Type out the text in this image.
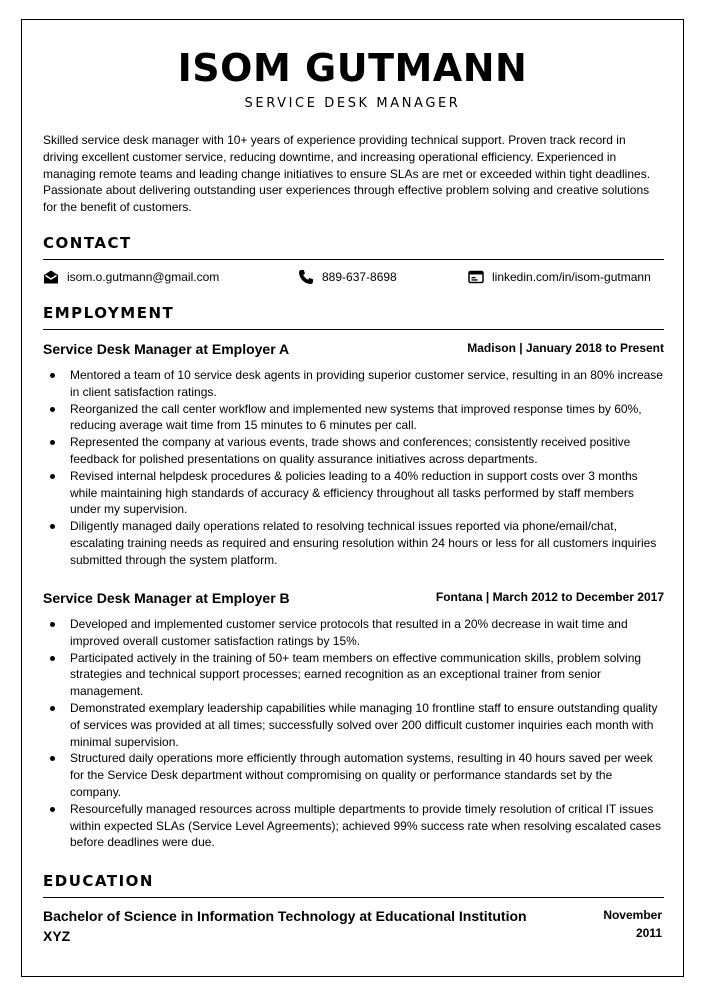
ISOM GUTMANN
SERVICE DESK MANAGER
Skilled service desk manager with 10+ years of experience providing technical support. Proven track record in driving excellent customer service, reducing downtime, and increasing operational efficiency. Experienced in managing remote teams and leading change initiatives to ensure SLAs are met or exceeded within tight deadlines. Passionate about delivering outstanding user experiences through effective problem solving and creative solutions for the benefit of customers.
CONTACT
isom.o.gutmann@gmail.com	889-637-8698	linkedin.com/in/isom-gutmann
EMPLOYMENT
Service Desk Manager at Employer A	Madison | January 2018 to Present
Mentored a team of 10 service desk agents in providing superior customer service, resulting in an 80% increase in client satisfaction ratings.
Reorganized the call center workflow and implemented new systems that improved response times by 60%, reducing average wait time from 15 minutes to 6 minutes per call.
Represented the company at various events, trade shows and conferences; consistently received positive feedback for polished presentations on quality assurance initiatives across departments.
Revised internal helpdesk procedures & policies leading to a 40% reduction in support costs over 3 months while maintaining high standards of accuracy & efficiency throughout all tasks performed by staff members under my supervision.
Diligently managed daily operations related to resolving technical issues reported via phone/email/chat, escalating training needs as required and ensuring resolution within 24 hours or less for all customers inquiries submitted through the system platform.
Service Desk Manager at Employer B	Fontana | March 2012 to December 2017
Developed and implemented customer service protocols that resulted in a 20% decrease in wait time and improved overall customer satisfaction ratings by 15%.
Participated actively in the training of 50+ team members on effective communication skills, problem solving strategies and technical support processes; earned recognition as an exceptional trainer from senior management.
Demonstrated exemplary leadership capabilities while managing 10 frontline staff to ensure outstanding quality of services was provided at all times; successfully solved over 200 difficult customer inquiries each month with minimal supervision.
Structured daily operations more efficiently through automation systems, resulting in 40 hours saved per week for the Service Desk department without compromising on quality or performance standards set by the company.
Resourcefully managed resources across multiple departments to provide timely resolution of critical IT issues within expected SLAs (Service Level Agreements); achieved 99% success rate when resolving escalated cases before deadlines were due.
EDUCATION
Bachelor of Science in Information Technology at Educational Institution XYZ
November 2011
